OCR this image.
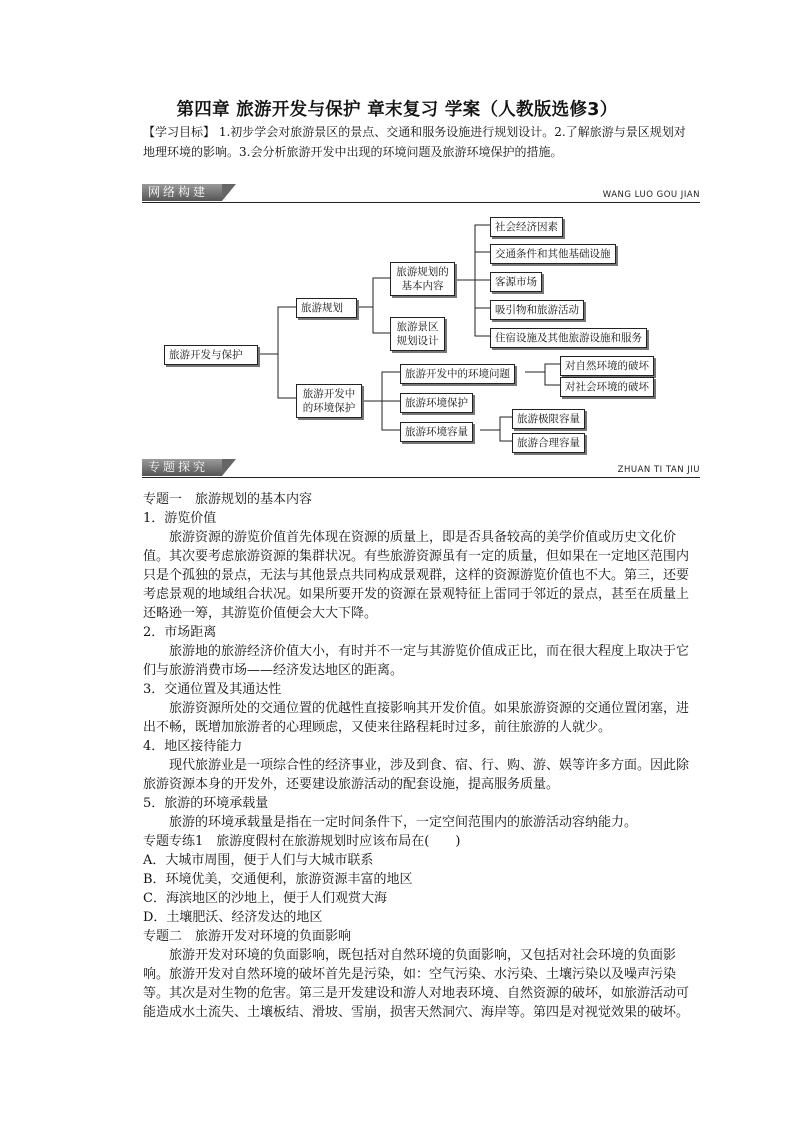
第四章 旅游开发与保护 章末复习 学案（人教版选修3）

【学习目标】 1.初步学会对旅游景区的景点、交通和服务设施进行规划设计。2.了解旅游与景区规划对地理环境的影响。3.会分析旅游开发中出现的环境问题及旅游环境保护的措施。

网络构建	WANG LUO GOU JIAN
旅游开发与保护
旅游规划
旅游规划的基本内容
旅游景区规划设计
社会经济因素
交通条件和其他基础设施
客源市场
吸引物和旅游活动
住宿设施及其他旅游设施和服务
旅游开发中的环境保护
旅游开发中的环境问题
对自然环境的破坏
对社会环境的破坏
旅游环境保护
旅游环境容量
旅游极限容量
旅游合理容量
专题探究	ZHUAN TI TAN JIU

专题一　旅游规划的基本内容

1．游览价值

旅游资源的游览价值首先体现在资源的质量上，即是否具备较高的美学价值或历史文化价值。其次要考虑旅游资源的集群状况。有些旅游资源虽有一定的质量，但如果在一定地区范围内只是个孤独的景点，无法与其他景点共同构成景观群，这样的资源游览价值也不大。第三，还要考虑景观的地域组合状况。如果所要开发的资源在景观特征上雷同于邻近的景点，甚至在质量上还略逊一筹，其游览价值便会大大下降。

2．市场距离

旅游地的旅游经济价值大小，有时并不一定与其游览价值成正比，而在很大程度上取决于它们与旅游消费市场——经济发达地区的距离。

3．交通位置及其通达性

旅游资源所处的交通位置的优越性直接影响其开发价值。如果旅游资源的交通位置闭塞，进出不畅，既增加旅游者的心理顾虑，又使来往路程耗时过多，前往旅游的人就少。

4．地区接待能力

现代旅游业是一项综合性的经济事业，涉及到食、宿、行、购、游、娱等许多方面。因此除旅游资源本身的开发外，还要建设旅游活动的配套设施，提高服务质量。

5．旅游的环境承载量

旅游的环境承载量是指在一定时间条件下，一定空间范围内的旅游活动容纳能力。

专题专练1　旅游度假村在旅游规划时应该布局在(　　)

A．大城市周围，便于人们与大城市联系

B．环境优美，交通便利，旅游资源丰富的地区

C．海滨地区的沙地上，便于人们观赏大海

D．土壤肥沃、经济发达的地区

专题二　旅游开发对环境的负面影响

旅游开发对环境的负面影响，既包括对自然环境的负面影响，又包括对社会环境的负面影响。旅游开发对自然环境的破坏首先是污染，如：空气污染、水污染、土壤污染以及噪声污染等。其次是对生物的危害。第三是开发建设和游人对地表环境、自然资源的破坏，如旅游活动可能造成水土流失、土壤板结、滑坡、雪崩，损害天然洞穴、海岸等。第四是对视觉效果的破坏。
